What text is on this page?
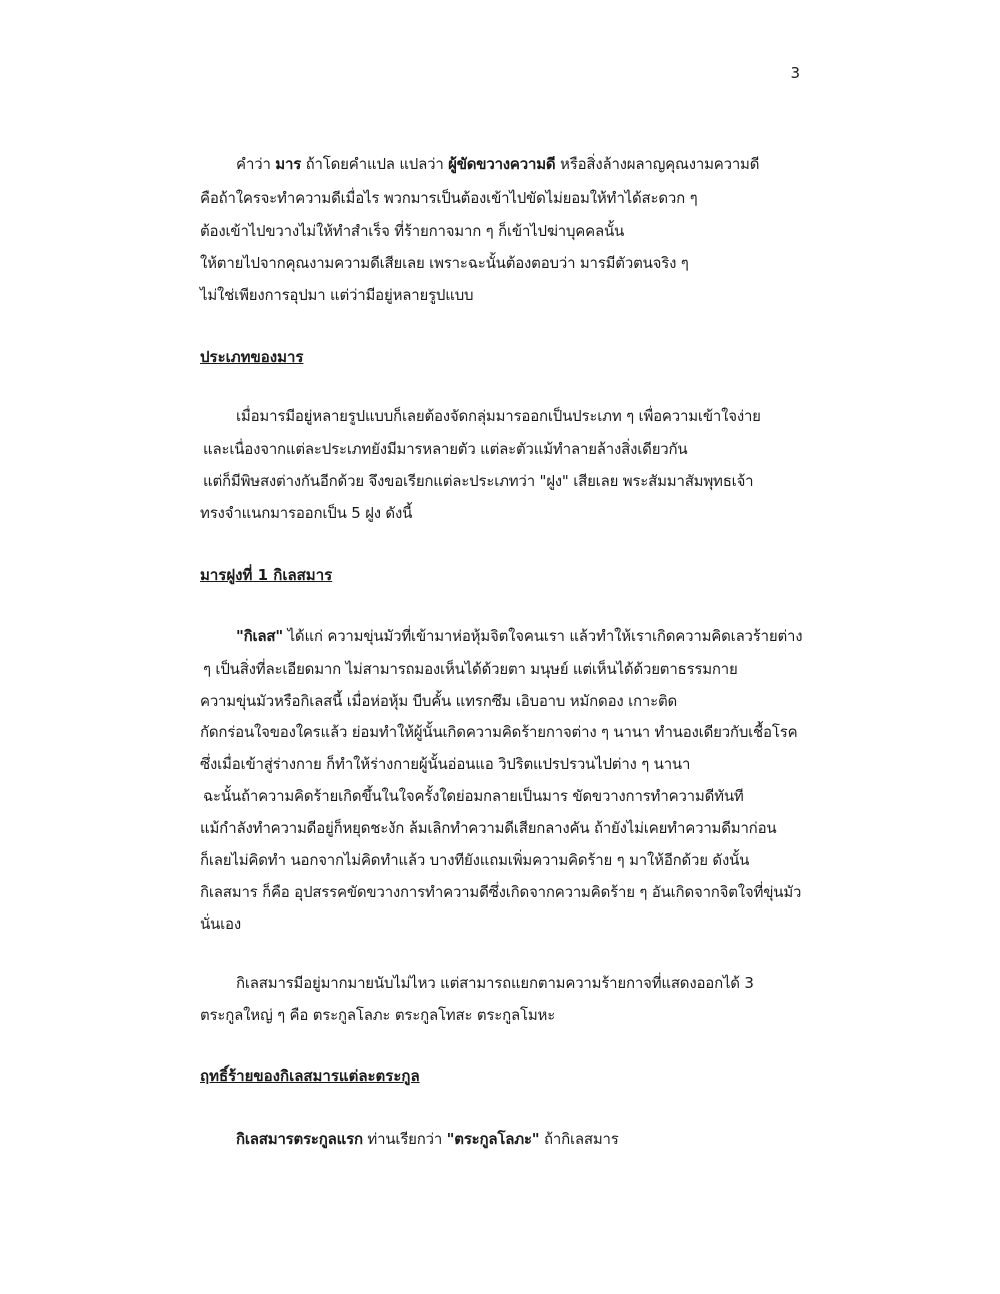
3
คำว่า มาร ถ้าโดยคำแปล แปลว่า ผู้ขัดขวางความดี หรือสิ่งล้างผลาญคุณงามความดี
คือถ้าใครจะทำความดีเมื่อไร พวกมารเป็นต้องเข้าไปขัดไม่ยอมให้ทำได้สะดวก ๆ
ต้องเข้าไปขวางไม่ให้ทำสำเร็จ ที่ร้ายกาจมาก ๆ ก็เข้าไปฆ่าบุคคลนั้น
ให้ตายไปจากคุณงามความดีเสียเลย เพราะฉะนั้นต้องตอบว่า มารมีตัวตนจริง ๆ
ไม่ใช่เพียงการอุปมา แต่ว่ามีอยู่หลายรูปแบบ
ประเภทของมาร
เมื่อมารมีอยู่หลายรูปแบบก็เลยต้องจัดกลุ่มมารออกเป็นประเภท ๆ เพื่อความเข้าใจง่าย
และเนื่องจากแต่ละประเภทยังมีมารหลายตัว แต่ละตัวแม้ทำลายล้างสิ่งเดียวกัน
แต่ก็มีพิษสงต่างกันอีกด้วย จึงขอเรียกแต่ละประเภทว่า "ฝูง" เสียเลย พระสัมมาสัมพุทธเจ้า
ทรงจำแนกมารออกเป็น 5 ฝูง ดังนี้
มารฝูงที่ 1 กิเลสมาร
"กิเลส" ได้แก่ ความขุ่นมัวที่เข้ามาห่อหุ้มจิตใจคนเรา แล้วทำให้เราเกิดความคิดเลวร้ายต่าง
ๆ เป็นสิ่งที่ละเอียดมาก ไม่สามารถมองเห็นได้ด้วยตา มนุษย์ แต่เห็นได้ด้วยตาธรรมกาย
ความขุ่นมัวหรือกิเลสนี้ เมื่อห่อหุ้ม บีบคั้น แทรกซึม เอิบอาบ หมักดอง เกาะติด
กัดกร่อนใจของใครแล้ว ย่อมทำให้ผู้นั้นเกิดความคิดร้ายกาจต่าง ๆ นานา ทำนองเดียวกับเชื้อโรค
ซึ่งเมื่อเข้าสู่ร่างกาย ก็ทำให้ร่างกายผู้นั้นอ่อนแอ วิปริตแปรปรวนไปต่าง ๆ นานา
ฉะนั้นถ้าความคิดร้ายเกิดขึ้นในใจครั้งใดย่อมกลายเป็นมาร ขัดขวางการทำความดีทันที
แม้กำลังทำความดีอยู่ก็หยุดชะงัก ล้มเลิกทำความดีเสียกลางคัน ถ้ายังไม่เคยทำความดีมาก่อน
ก็เลยไม่คิดทำ นอกจากไม่คิดทำแล้ว บางทียังแถมเพิ่มความคิดร้าย ๆ มาให้อีกด้วย ดังนั้น
กิเลสมาร ก็คือ อุปสรรคขัดขวางการทำความดีซึ่งเกิดจากความคิดร้าย ๆ อันเกิดจากจิตใจที่ขุ่นมัว
นั่นเอง
กิเลสมารมีอยู่มากมายนับไม่ไหว แต่สามารถแยกตามความร้ายกาจที่แสดงออกได้ 3
ตระกูลใหญ่ ๆ คือ ตระกูลโลภะ ตระกูลโทสะ ตระกูลโมหะ
ฤทธิ์ร้ายของกิเลสมารแต่ละตระกูล
กิเลสมารตระกูลแรก ท่านเรียกว่า "ตระกูลโลภะ" ถ้ากิเลสมาร
